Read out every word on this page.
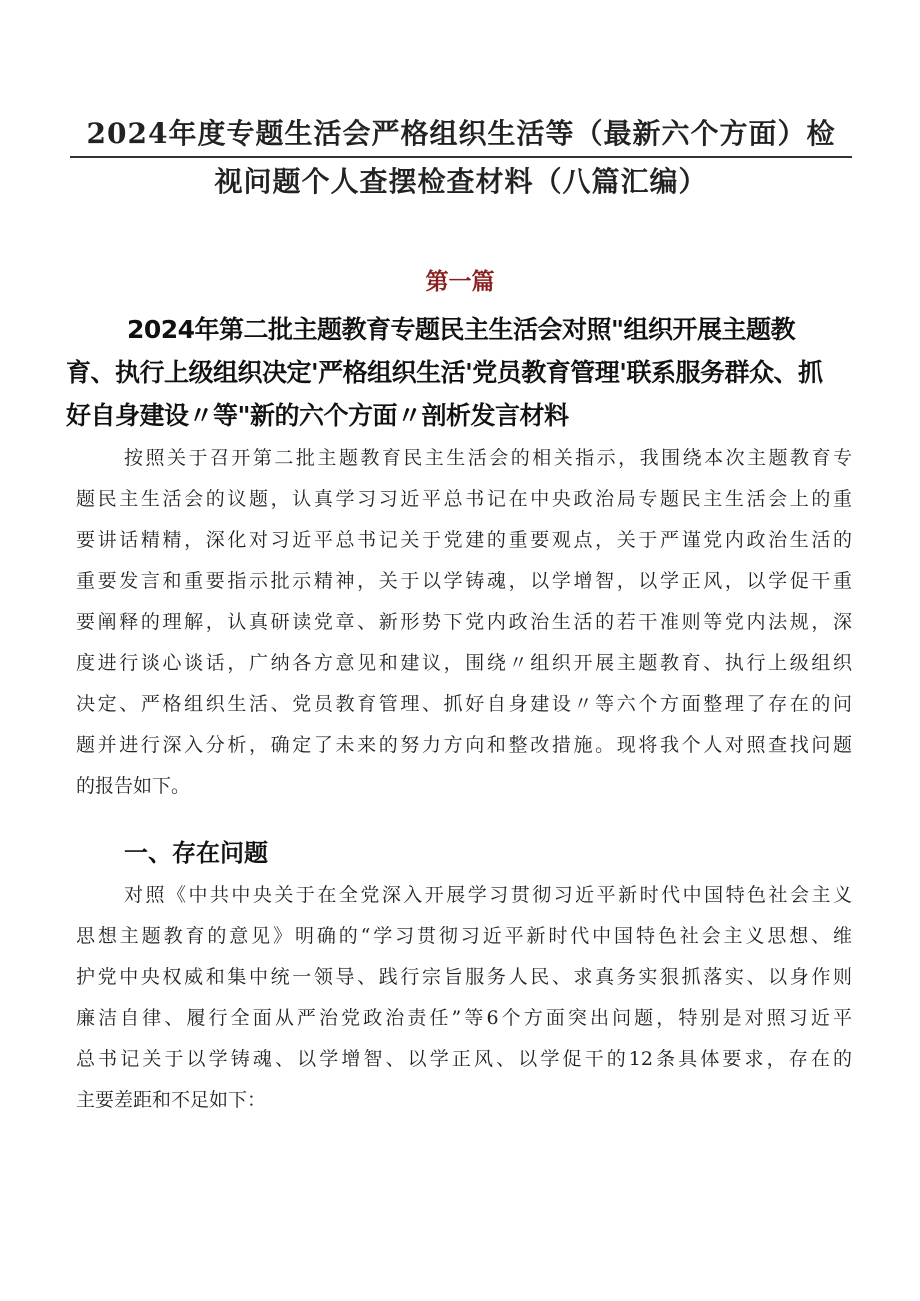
2024年度专题生活会严格组织生活等（最新六个方面）检
视问题个人查摆检查材料（八篇汇编）
第一篇
2024年第二批主题教育专题民主生活会对照"组织开展主题教
育、执行上级组织决定'严格组织生活'党员教育管理'联系服务群众、抓
好自身建设〃等"新的六个方面〃剖析发言材料

按照关于召开第二批主题教育民主生活会的相关指示，我围绕本次主题教育专

题民主生活会的议题，认真学习习近平总书记在中央政治局专题民主生活会上的重

要讲话精精，深化对习近平总书记关于党建的重要观点，关于严谨党内政治生活的

重要发言和重要指示批示精神，关于以学铸魂，以学增智，以学正风，以学促干重

要阐释的理解，认真研读党章、新形势下党内政治生活的若干准则等党内法规，深

度进行谈心谈话，广纳各方意见和建议，围绕〃组织开展主题教育、执行上级组织

决定、严格组织生活、党员教育管理、抓好自身建设〃等六个方面整理了存在的问

题并进行深入分析，确定了未来的努力方向和整改措施。现将我个人对照查找问题

的报告如下。

一、存在问题

对照《中共中央关于在全党深入开展学习贯彻习近平新时代中国特色社会主义

思想主题教育的意见》明确的“学习贯彻习近平新时代中国特色社会主义思想、维

护党中央权威和集中统一领导、践行宗旨服务人民、求真务实狠抓落实、以身作则

廉洁自律、履行全面从严治党政治责任”等6个方面突出问题，特别是对照习近平

总书记关于以学铸魂、以学增智、以学正风、以学促干的12条具体要求，存在的

主要差距和不足如下：
